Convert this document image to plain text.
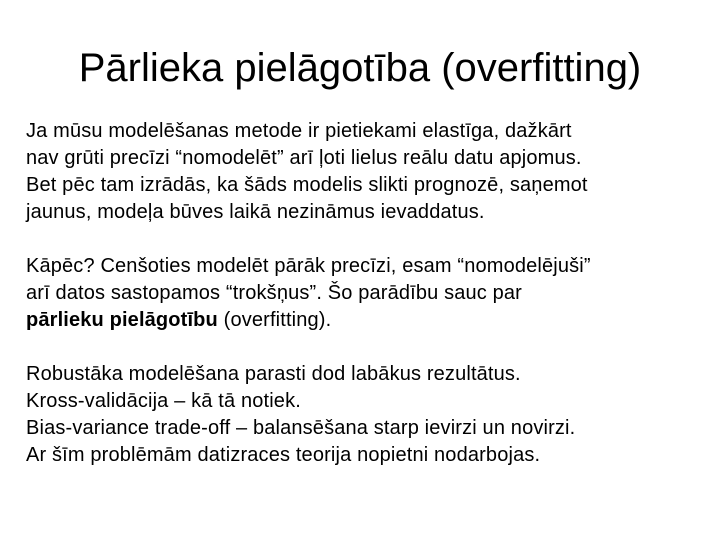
Pārlieka pielāgotība (overfitting)

Ja mūsu modelēšanas metode ir pietiekami elastīga, dažkārt
nav grūti precīzi “nomodelēt” arī ļoti lielus reālu datu apjomus.
Bet pēc tam izrādās, ka šāds modelis slikti prognozē, saņemot
jaunus, modeļa būves laikā nezināmus ievaddatus.

Kāpēc? Cenšoties modelēt pārāk precīzi, esam “nomodelējuši”
arī datos sastopamos “trokšņus”. Šo parādību sauc par
pārlieku pielāgotību (overfitting).

Robustāka modelēšana parasti dod labākus rezultātus.
Kross-validācija – kā tā notiek.
Bias-variance trade-off – balansēšana starp ievirzi un novirzi.
Ar šīm problēmām datizraces teorija nopietni nodarbojas.
